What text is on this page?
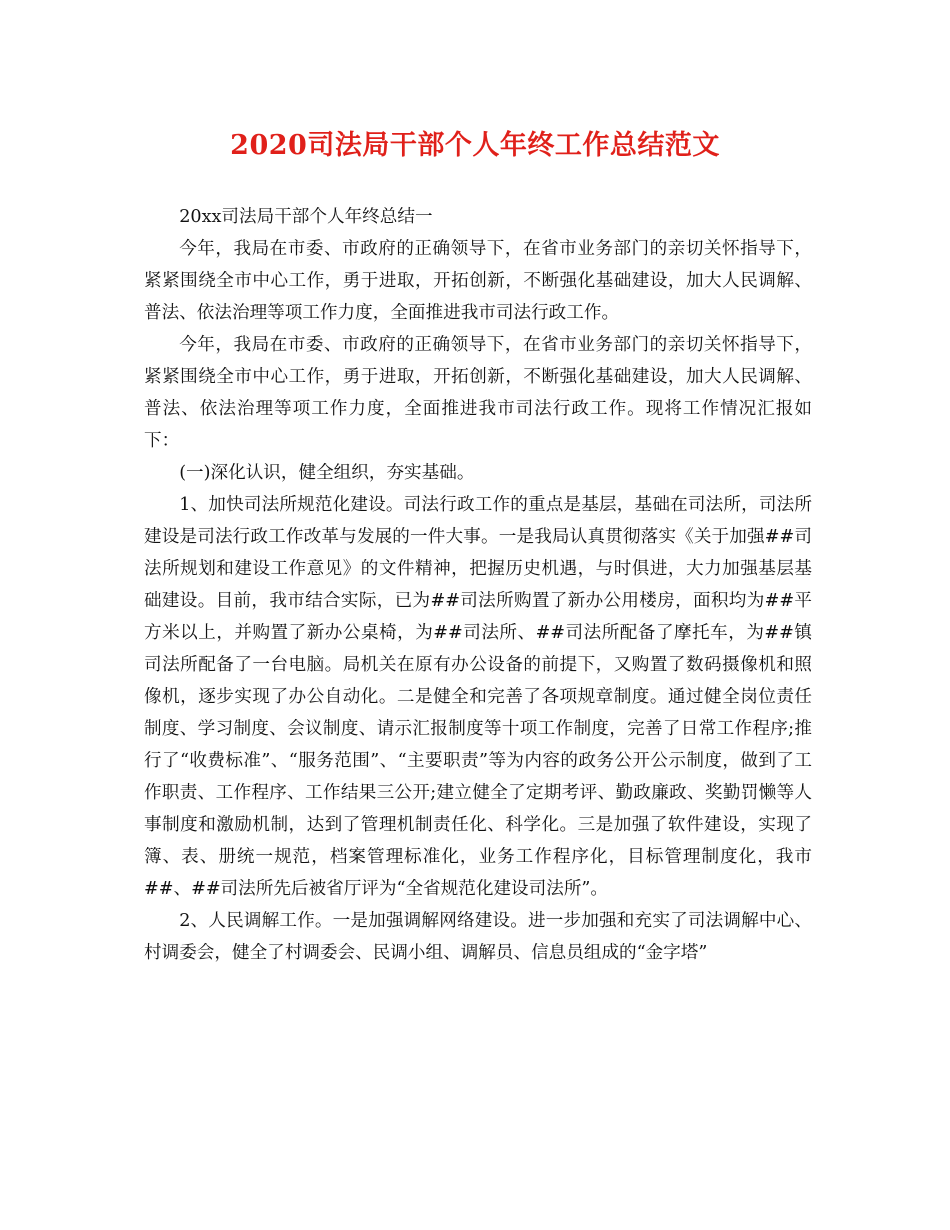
2020司法局干部个人年终工作总结范文

20xx司法局干部个人年终总结一

今年，我局在市委、市政府的正确领导下，在省市业务部门的亲切关怀指导下，紧紧围绕全市中心工作，勇于进取，开拓创新，不断强化基础建设，加大人民调解、普法、依法治理等项工作力度，全面推进我市司法行政工作。

今年，我局在市委、市政府的正确领导下，在省市业务部门的亲切关怀指导下，紧紧围绕全市中心工作，勇于进取，开拓创新，不断强化基础建设，加大人民调解、普法、依法治理等项工作力度，全面推进我市司法行政工作。现将工作情况汇报如下：

(一)深化认识，健全组织，夯实基础。

1、加快司法所规范化建设。司法行政工作的重点是基层，基础在司法所，司法所建设是司法行政工作改革与发展的一件大事。一是我局认真贯彻落实《关于加强##司法所规划和建设工作意见》的文件精神，把握历史机遇，与时俱进，大力加强基层基础建设。目前，我市结合实际，已为##司法所购置了新办公用楼房，面积均为##平方米以上，并购置了新办公桌椅，为##司法所、##司法所配备了摩托车，为##镇司法所配备了一台电脑。局机关在原有办公设备的前提下，又购置了数码摄像机和照像机，逐步实现了办公自动化。二是健全和完善了各项规章制度。通过健全岗位责任制度、学习制度、会议制度、请示汇报制度等十项工作制度，完善了日常工作程序;推行了“收费标准”、“服务范围”、“主要职责”等为内容的政务公开公示制度，做到了工作职责、工作程序、工作结果三公开;建立健全了定期考评、勤政廉政、奖勤罚懒等人事制度和激励机制，达到了管理机制责任化、科学化。三是加强了软件建设，实现了簿、表、册统一规范，档案管理标准化，业务工作程序化，目标管理制度化，我市##、##司法所先后被省厅评为“全省规范化建设司法所”。

2、人民调解工作。一是加强调解网络建设。进一步加强和充实了司法调解中心、村调委会，健全了村调委会、民调小组、调解员、信息员组成的“金字塔”
